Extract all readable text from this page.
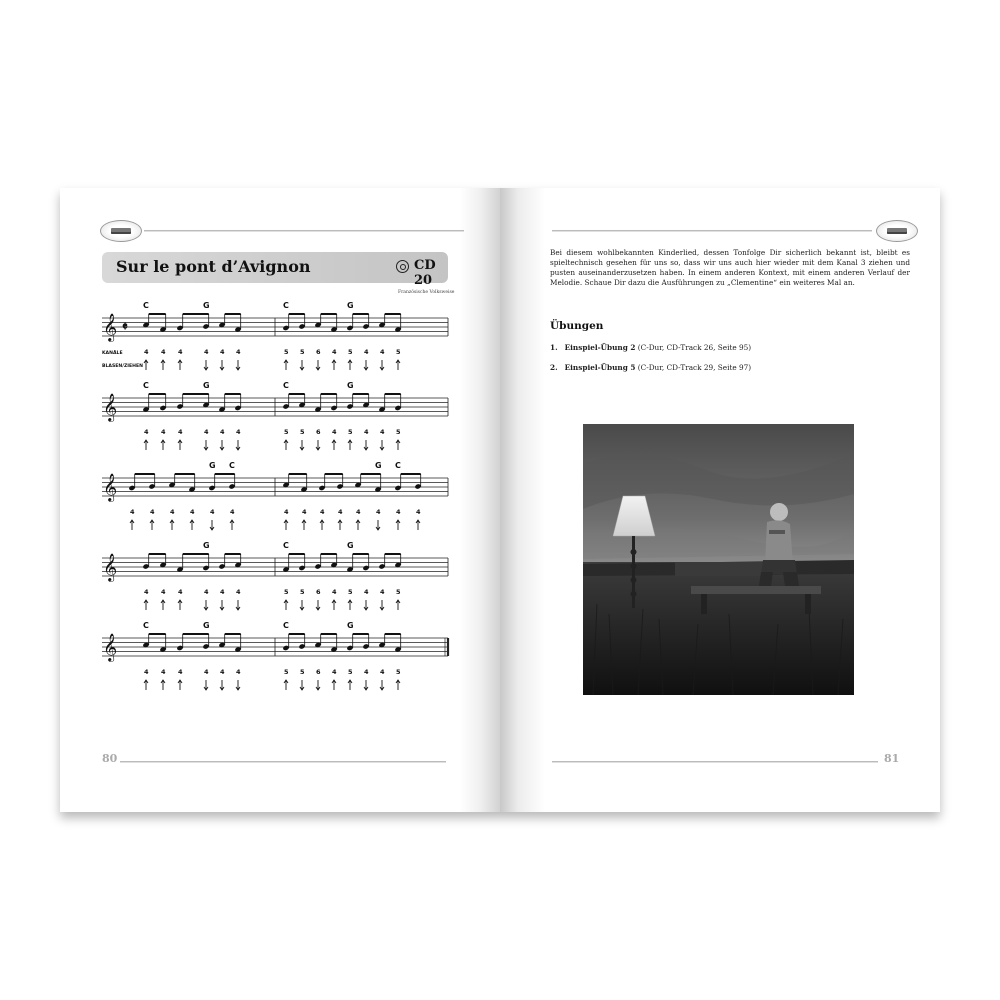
Sur le pont d’Avignon	CD 20
Französische Volksweise
𝄞 𝄵
C
4 4 4
G
4 4 4
C
5 5 6 4
G
5 4 4 5
KANÄLE
BLASEN/ZIEHEN
𝄞
C
4 4 4
G
4 4 4
C
5 5 6 4
G
5 4 4 5
𝄞
4 4 4 4
G
4
C
4	4 4 4 4 4
G
4
C
4 4
𝄞
4 4 4
G
4 4 4
C
5 5 6 4
G
5 4 4 5
𝄞
C
4 4 4
G
4 4 4
C
5 5 6 4
G
5 4 4 5
80
Bei diesem wohlbekannten Kinderlied, dessen Tonfolge Dir sicherlich bekannt ist, bleibt es spieltechnisch gesehen für uns so, dass wir uns auch hier wieder mit dem Kanal 3 ziehen und pusten auseinanderzusetzen haben. In einem anderen Kontext, mit einem anderen Verlauf der Melodie. Schaue Dir dazu die Ausführungen zu „Clementine“ ein weiteres Mal an.
Übungen
1. Einspiel-Übung 2 (C-Dur, CD-Track 26, Seite 95)
2. Einspiel-Übung 5 (C-Dur, CD-Track 29, Seite 97)
81
